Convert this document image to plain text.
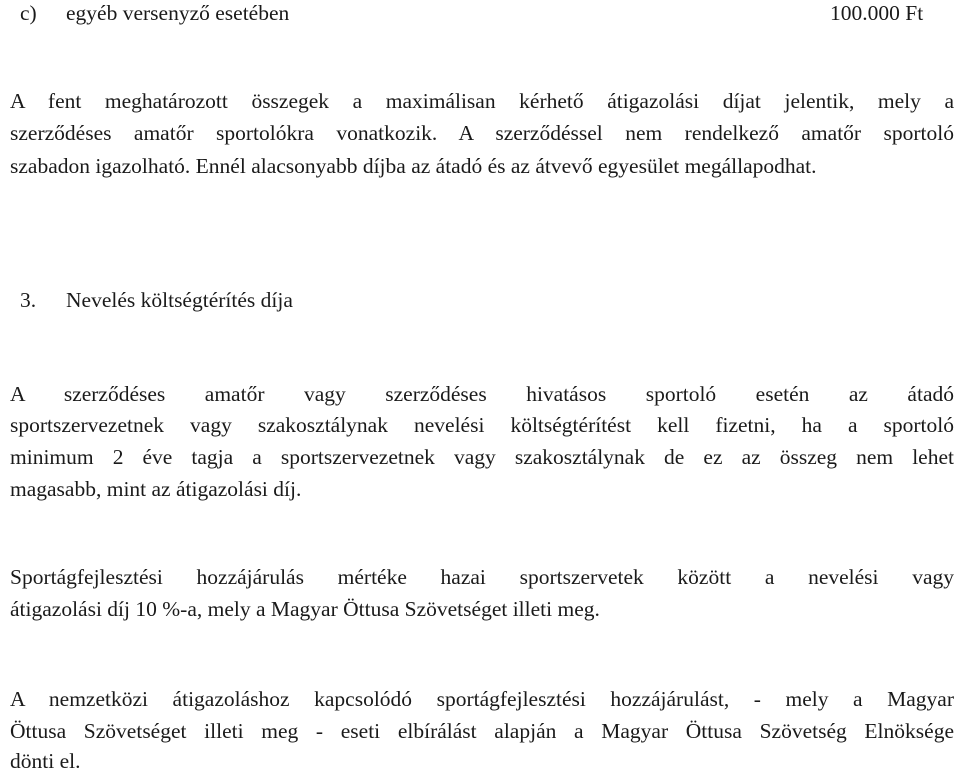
c) egyéb versenyző esetében	100.000 Ft
A fent meghatározott összegek a maximálisan kérhető átigazolási díjat jelentik, mely a
szerződéses amatőr sportolókra vonatkozik. A szerződéssel nem rendelkező amatőr sportoló
szabadon igazolható. Ennél alacsonyabb díjba az átadó és az átvevő egyesület megállapodhat.
3. Nevelés költségtérítés díja
A szerződéses amatőr vagy szerződéses hivatásos sportoló esetén az átadó
sportszervezetnek vagy szakosztálynak nevelési költségtérítést kell fizetni, ha a sportoló
minimum 2 éve tagja a sportszervezetnek vagy szakosztálynak de ez az összeg nem lehet
magasabb, mint az átigazolási díj.
Sportágfejlesztési hozzájárulás mértéke hazai sportszervetek között a nevelési vagy
átigazolási díj 10 %-a, mely a Magyar Öttusa Szövetséget illeti meg.
A nemzetközi átigazoláshoz kapcsolódó sportágfejlesztési hozzájárulást, - mely a Magyar
Öttusa Szövetséget illeti meg - eseti elbírálást alapján a Magyar Öttusa Szövetség Elnöksége
dönti el.
